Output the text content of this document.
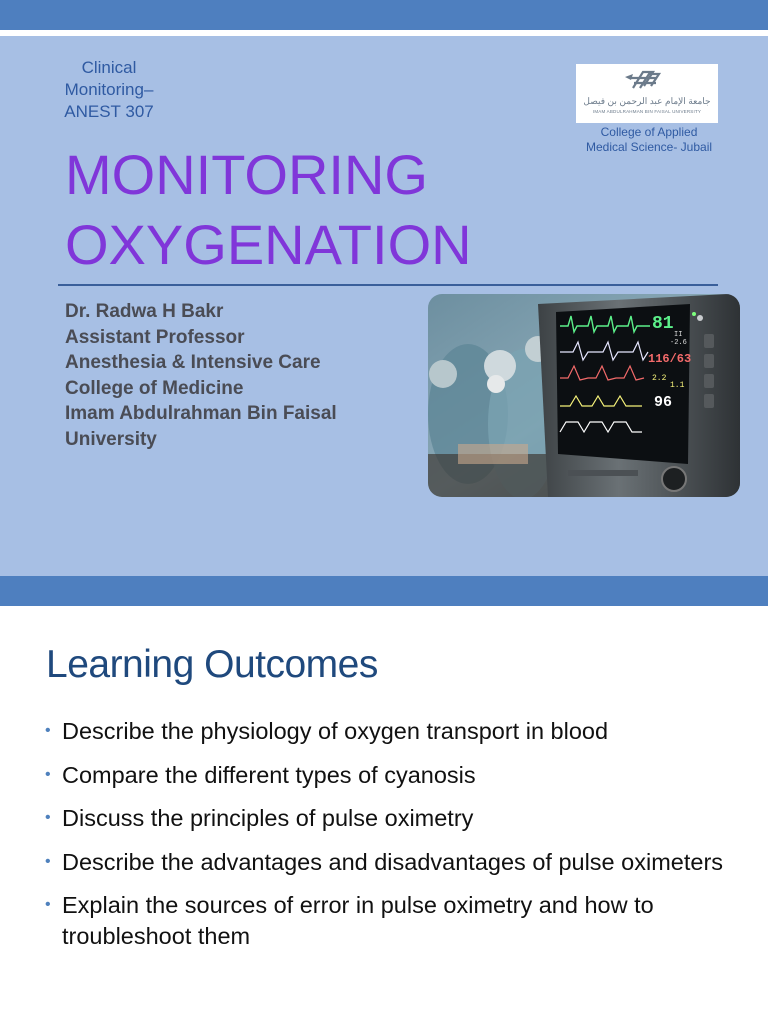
Clinical
Monitoring–
ANEST 307
جامعة الإمام عبد الرحمن بن فيصل
IMAM ABDULRAHMAN BIN FAISAL UNIVERSITY
College of Applied
Medical Science- Jubail
MONITORING
OXYGENATION
Dr. Radwa H Bakr
Assistant Professor
Anesthesia & Intensive Care
College of Medicine
Imam Abdulrahman Bin Faisal
University
81
II
-2.6
116/63
2.2
1.1
96
Learning Outcomes
• Describe the physiology of oxygen transport in blood
• Compare the different types of cyanosis
• Discuss the principles of pulse oximetry
• Describe the advantages and disadvantages of pulse oximeters
• Explain the sources of error in pulse oximetry and how to troubleshoot them
